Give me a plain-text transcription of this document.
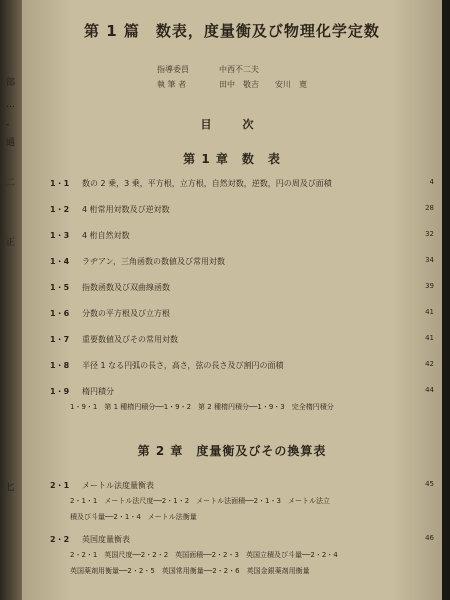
部
…
-
通
二
正
匕
第 1 篇　数表，度量衡及び物理化学定数
指導委員	中西不二夫
執 筆 者	田中　敬吉　　安川　寛
目　次
第 1 章　数　表
1・1	数の 2 乗，3 乗，平方根，立方根，自然対数，逆数，円の周及び面積	4
1・2	4 桁常用対数及び逆対数	28
1・3	4 桁自然対数	32
1・4	ラヂアン，三角函数の数値及び常用対数	34
1・5	指数函数及び双曲線函数	39
1・6	分数の平方根及び立方根	41
1・7	重要数値及びその常用対数	41
1・8	半径 1 なる円弧の長さ，高さ，弦の長さ及び割円の面積	42
1・9	楕円積分	44
1・9・1　第 1 種楕円積分──1・9・2　第 2 種楕円積分──1・9・3　完全楕円積分
第 2 章　度量衡及びその換算表
2・1	メートル法度量衡表	45
2・1・1　メートル法尺度──2・1・2　メートル法面積──2・1・3　メートル法立
積及び斗量──2・1・4　メートル法衡量
2・2	英国度量衡表	46
2・2・1　英国尺度──2・2・2　英国面積──2・2・3　英国立積及び斗量──2・2・4
英国薬剤用衡量──2・2・5　英国常用衡量──2・2・6　英国金銀薬剤用衡量
